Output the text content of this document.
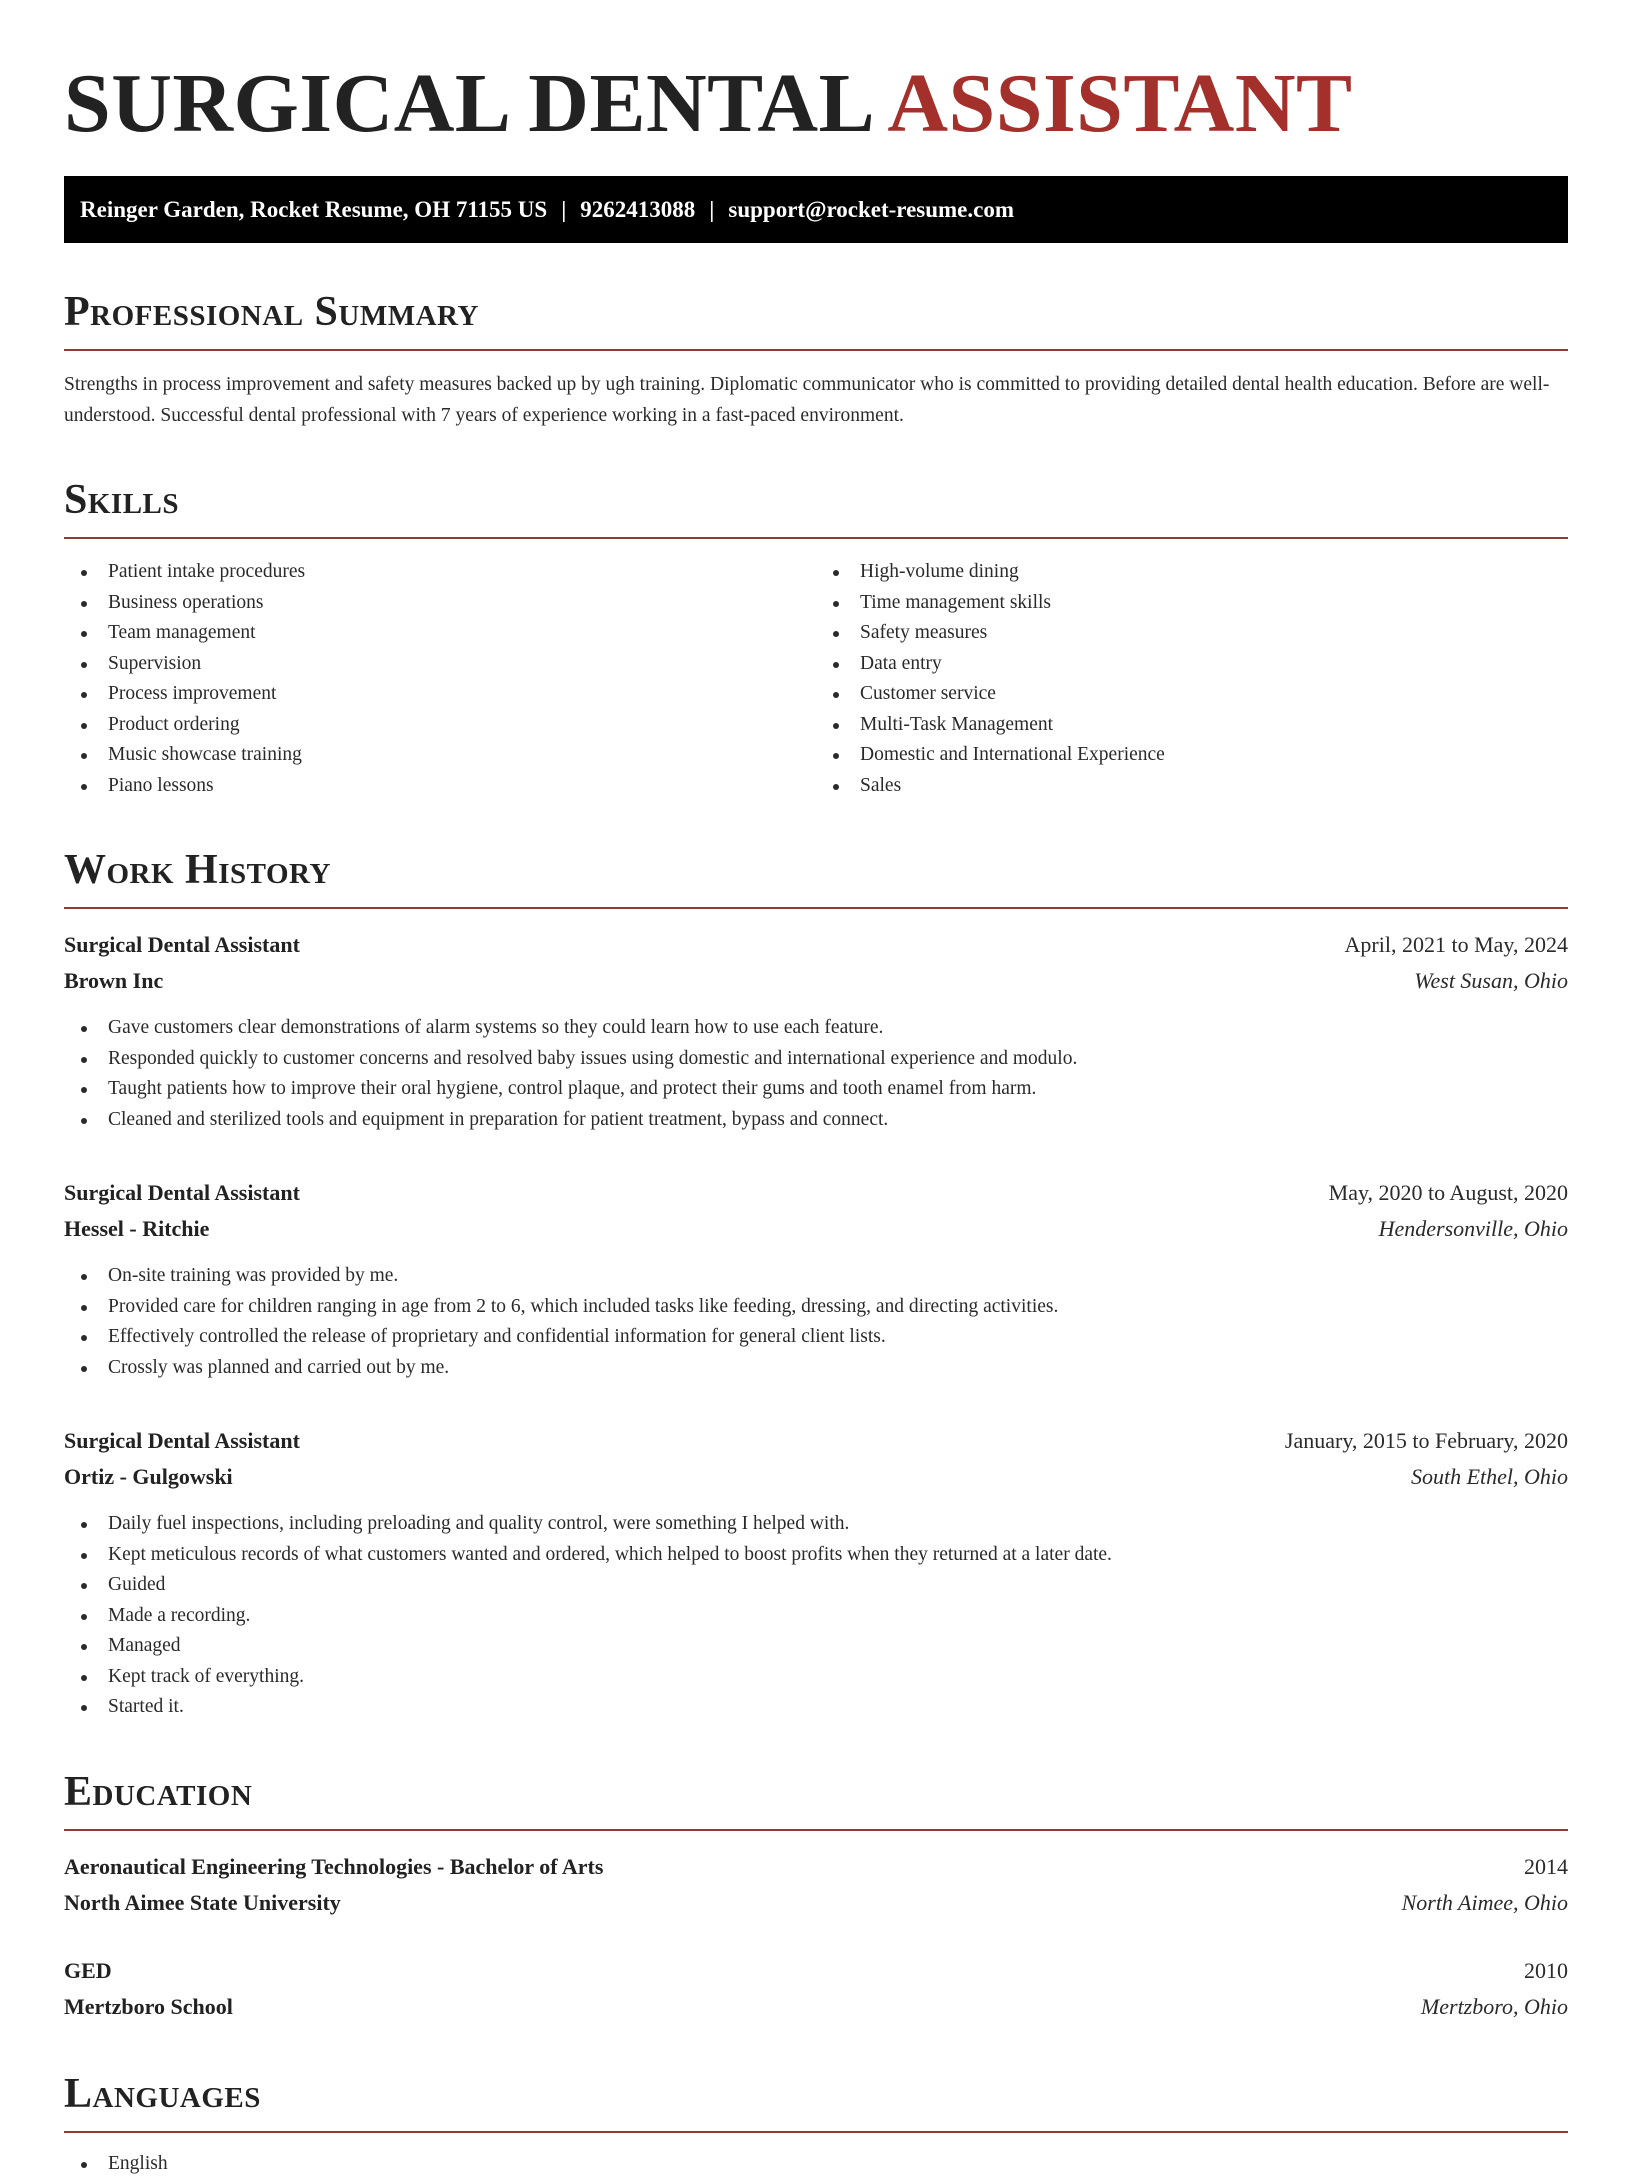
SURGICAL DENTAL ASSISTANT
Reinger Garden, Rocket Resume, OH 71155 US | 9262413088 | support@rocket-resume.com
Professional Summary

Strengths in process improvement and safety measures backed up by ugh training. Diplomatic communicator who is committed to providing detailed dental health education. Before are well-understood. Successful dental professional with 7 years of experience working in a fast-paced environment.

Skills
Patient intake procedures
Business operations
Team management
Supervision
Process improvement
Product ordering
Music showcase training
Piano lessons
High-volume dining
Time management skills
Safety measures
Data entry
Customer service
Multi-Task Management
Domestic and International Experience
Sales
Work History
Surgical Dental Assistant	April, 2021 to May, 2024
Brown Inc	West Susan, Ohio
Gave customers clear demonstrations of alarm systems so they could learn how to use each feature.
Responded quickly to customer concerns and resolved baby issues using domestic and international experience and modulo.
Taught patients how to improve their oral hygiene, control plaque, and protect their gums and tooth enamel from harm.
Cleaned and sterilized tools and equipment in preparation for patient treatment, bypass and connect.
Surgical Dental Assistant	May, 2020 to August, 2020
Hessel - Ritchie	Hendersonville, Ohio
On-site training was provided by me.
Provided care for children ranging in age from 2 to 6, which included tasks like feeding, dressing, and directing activities.
Effectively controlled the release of proprietary and confidential information for general client lists.
Crossly was planned and carried out by me.
Surgical Dental Assistant	January, 2015 to February, 2020
Ortiz - Gulgowski	South Ethel, Ohio
Daily fuel inspections, including preloading and quality control, were something I helped with.
Kept meticulous records of what customers wanted and ordered, which helped to boost profits when they returned at a later date.
Guided
Made a recording.
Managed
Kept track of everything.
Started it.
Education
Aeronautical Engineering Technologies - Bachelor of Arts	2014
North Aimee State University	North Aimee, Ohio
GED	2010
Mertzboro School	Mertzboro, Ohio
Languages
English
